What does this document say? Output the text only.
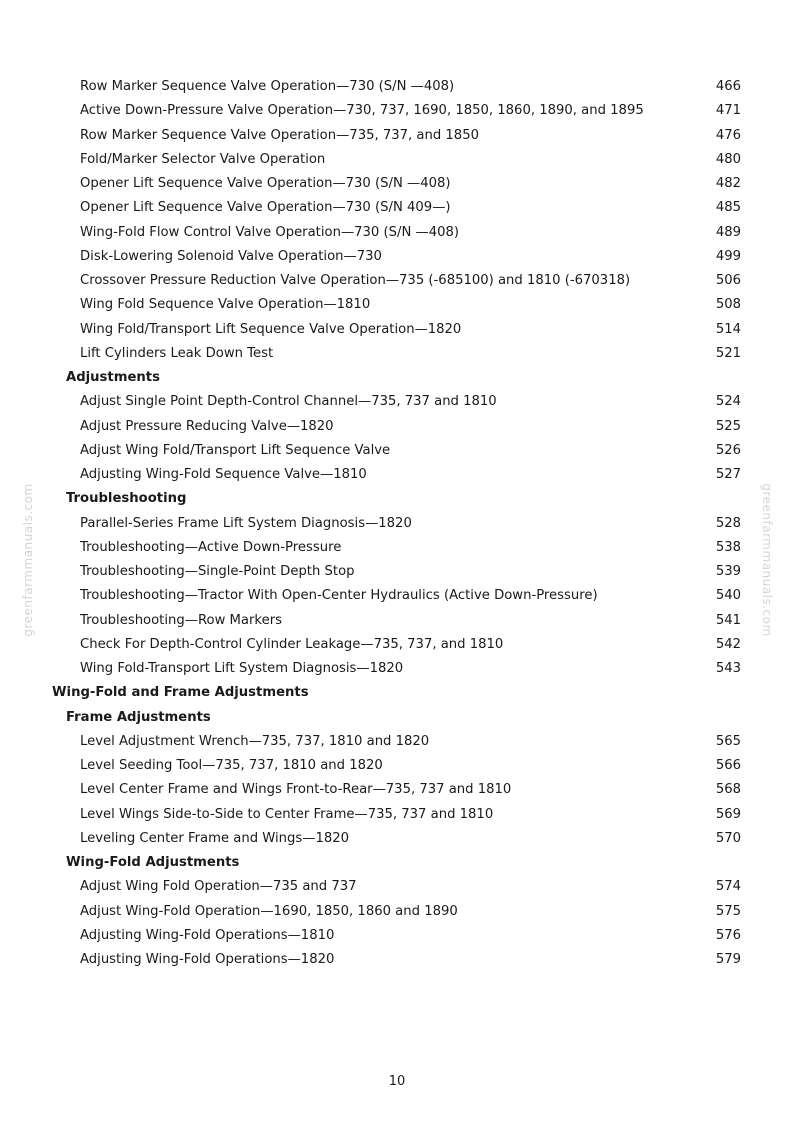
Row Marker Sequence Valve Operation—730 (S/N —408)	466
Active Down-Pressure Valve Operation—730, 737, 1690, 1850, 1860, 1890, and 1895	471
Row Marker Sequence Valve Operation—735, 737, and 1850	476
Fold/Marker Selector Valve Operation	480
Opener Lift Sequence Valve Operation—730 (S/N —408)	482
Opener Lift Sequence Valve Operation—730 (S/N 409—)	485
Wing-Fold Flow Control Valve Operation—730 (S/N —408)	489
Disk-Lowering Solenoid Valve Operation—730	499
Crossover Pressure Reduction Valve Operation—735 (-685100) and 1810 (-670318)	506
Wing Fold Sequence Valve Operation—1810	508
Wing Fold/Transport Lift Sequence Valve Operation—1820	514
Lift Cylinders Leak Down Test	521
Adjustments
Adjust Single Point Depth-Control Channel—735, 737 and 1810	524
Adjust Pressure Reducing Valve—1820	525
Adjust Wing Fold/Transport Lift Sequence Valve	526
Adjusting Wing-Fold Sequence Valve—1810	527
Troubleshooting
Parallel-Series Frame Lift System Diagnosis—1820	528
Troubleshooting—Active Down-Pressure	538
Troubleshooting—Single-Point Depth Stop	539
Troubleshooting—Tractor With Open-Center Hydraulics (Active Down-Pressure)	540
Troubleshooting—Row Markers	541
Check For Depth-Control Cylinder Leakage—735, 737, and 1810	542
Wing Fold-Transport Lift System Diagnosis—1820	543
Wing-Fold and Frame Adjustments
Frame Adjustments
Level Adjustment Wrench—735, 737, 1810 and 1820	565
Level Seeding Tool—735, 737, 1810 and 1820	566
Level Center Frame and Wings Front-to-Rear—735, 737 and 1810	568
Level Wings Side-to-Side to Center Frame—735, 737 and 1810	569
Leveling Center Frame and Wings—1820	570
Wing-Fold Adjustments
Adjust Wing Fold Operation—735 and 737	574
Adjust Wing-Fold Operation—1690, 1850, 1860 and 1890	575
Adjusting Wing-Fold Operations—1810	576
Adjusting Wing-Fold Operations—1820	579
greenfarmmanuals.com	greenfarmmanuals.com
10
